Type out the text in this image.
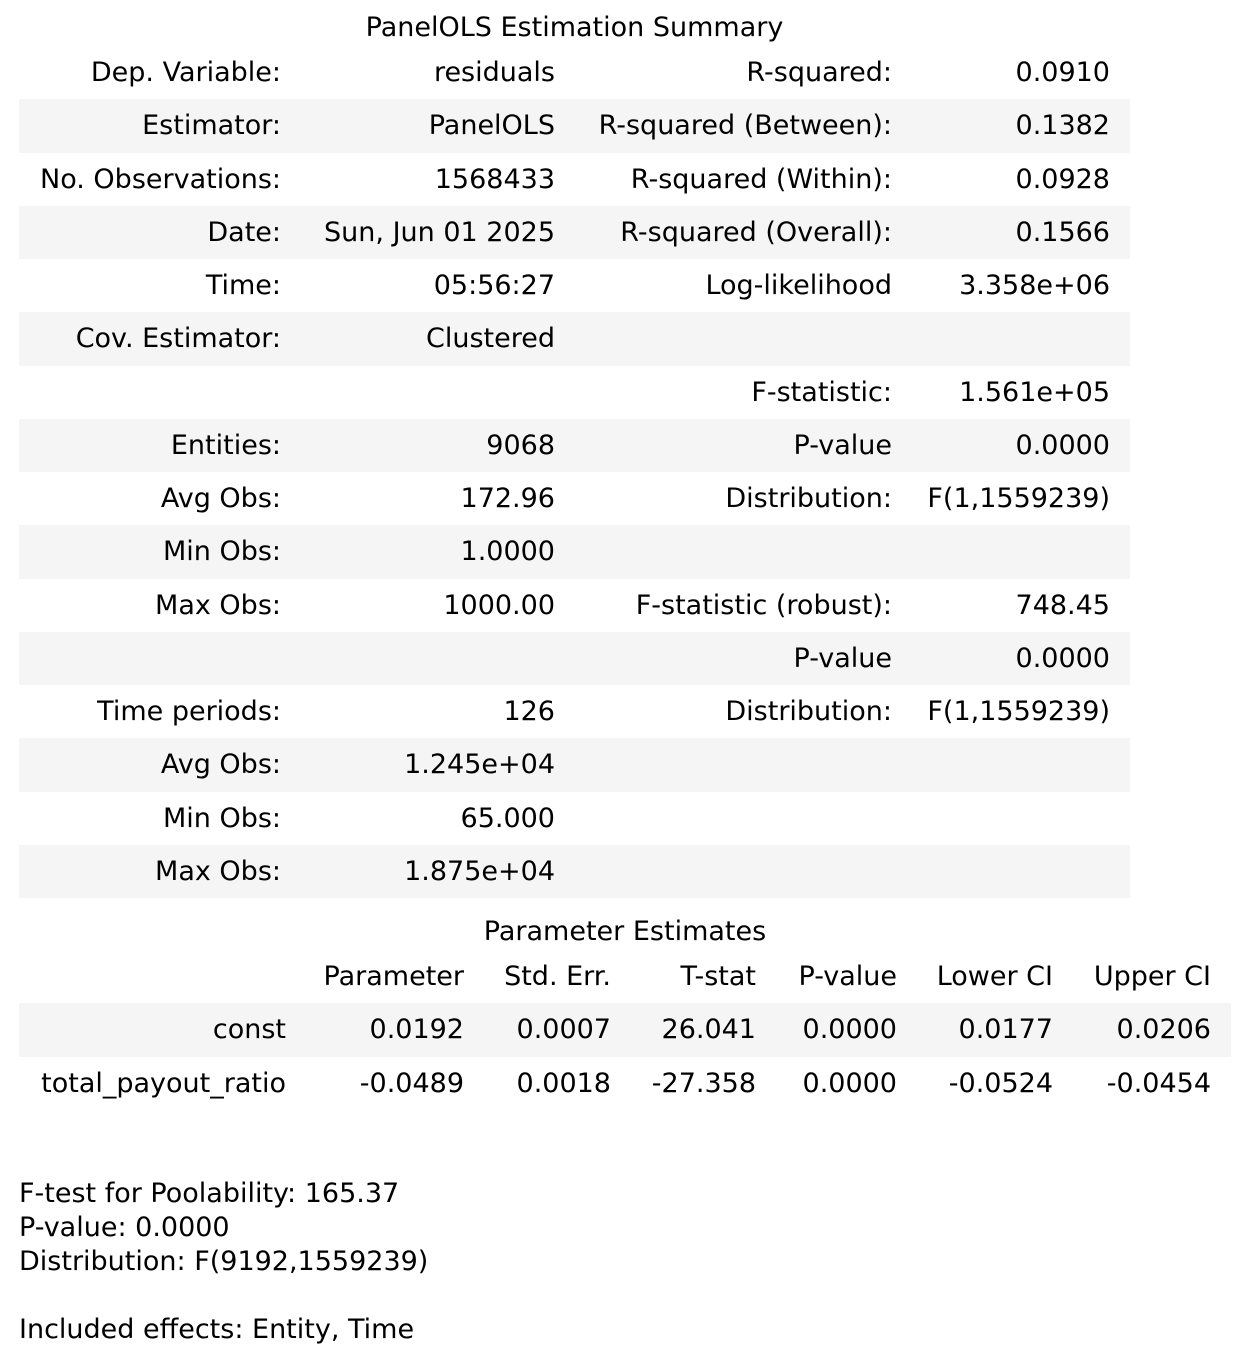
PanelOLS Estimation Summary
Dep. Variable:	residuals	R-squared:	0.0910	
Estimator:	PanelOLS	R-squared (Between):	0.1382	
No. Observations:	1568433	R-squared (Within):	0.0928	
Date:	Sun, Jun 01 2025	R-squared (Overall):	0.1566	
Time:	05:56:27	Log-likelihood	3.358e+06	
Cov. Estimator:	Clustered			
		F-statistic:	1.561e+05	
Entities:	9068	P-value	0.0000	
Avg Obs:	172.96	Distribution:	F(1,1559239)	
Min Obs:	1.0000			
Max Obs:	1000.00	F-statistic (robust):	748.45	
		P-value	0.0000	
Time periods:	126	Distribution:	F(1,1559239)	
Avg Obs:	1.245e+04			
Min Obs:	65.000			
Max Obs:	1.875e+04			
Parameter Estimates
	Parameter	Std. Err.	T-stat	P-value	Lower CI	Upper CI	
const	0.0192	0.0007	26.041	0.0000	0.0177	0.0206	
total_payout_ratio	-0.0489	0.0018	-27.358	0.0000	-0.0524	-0.0454	
F-test for Poolability: 165.37
P-value: 0.0000
Distribution: F(9192,1559239)
Included effects: Entity, Time
